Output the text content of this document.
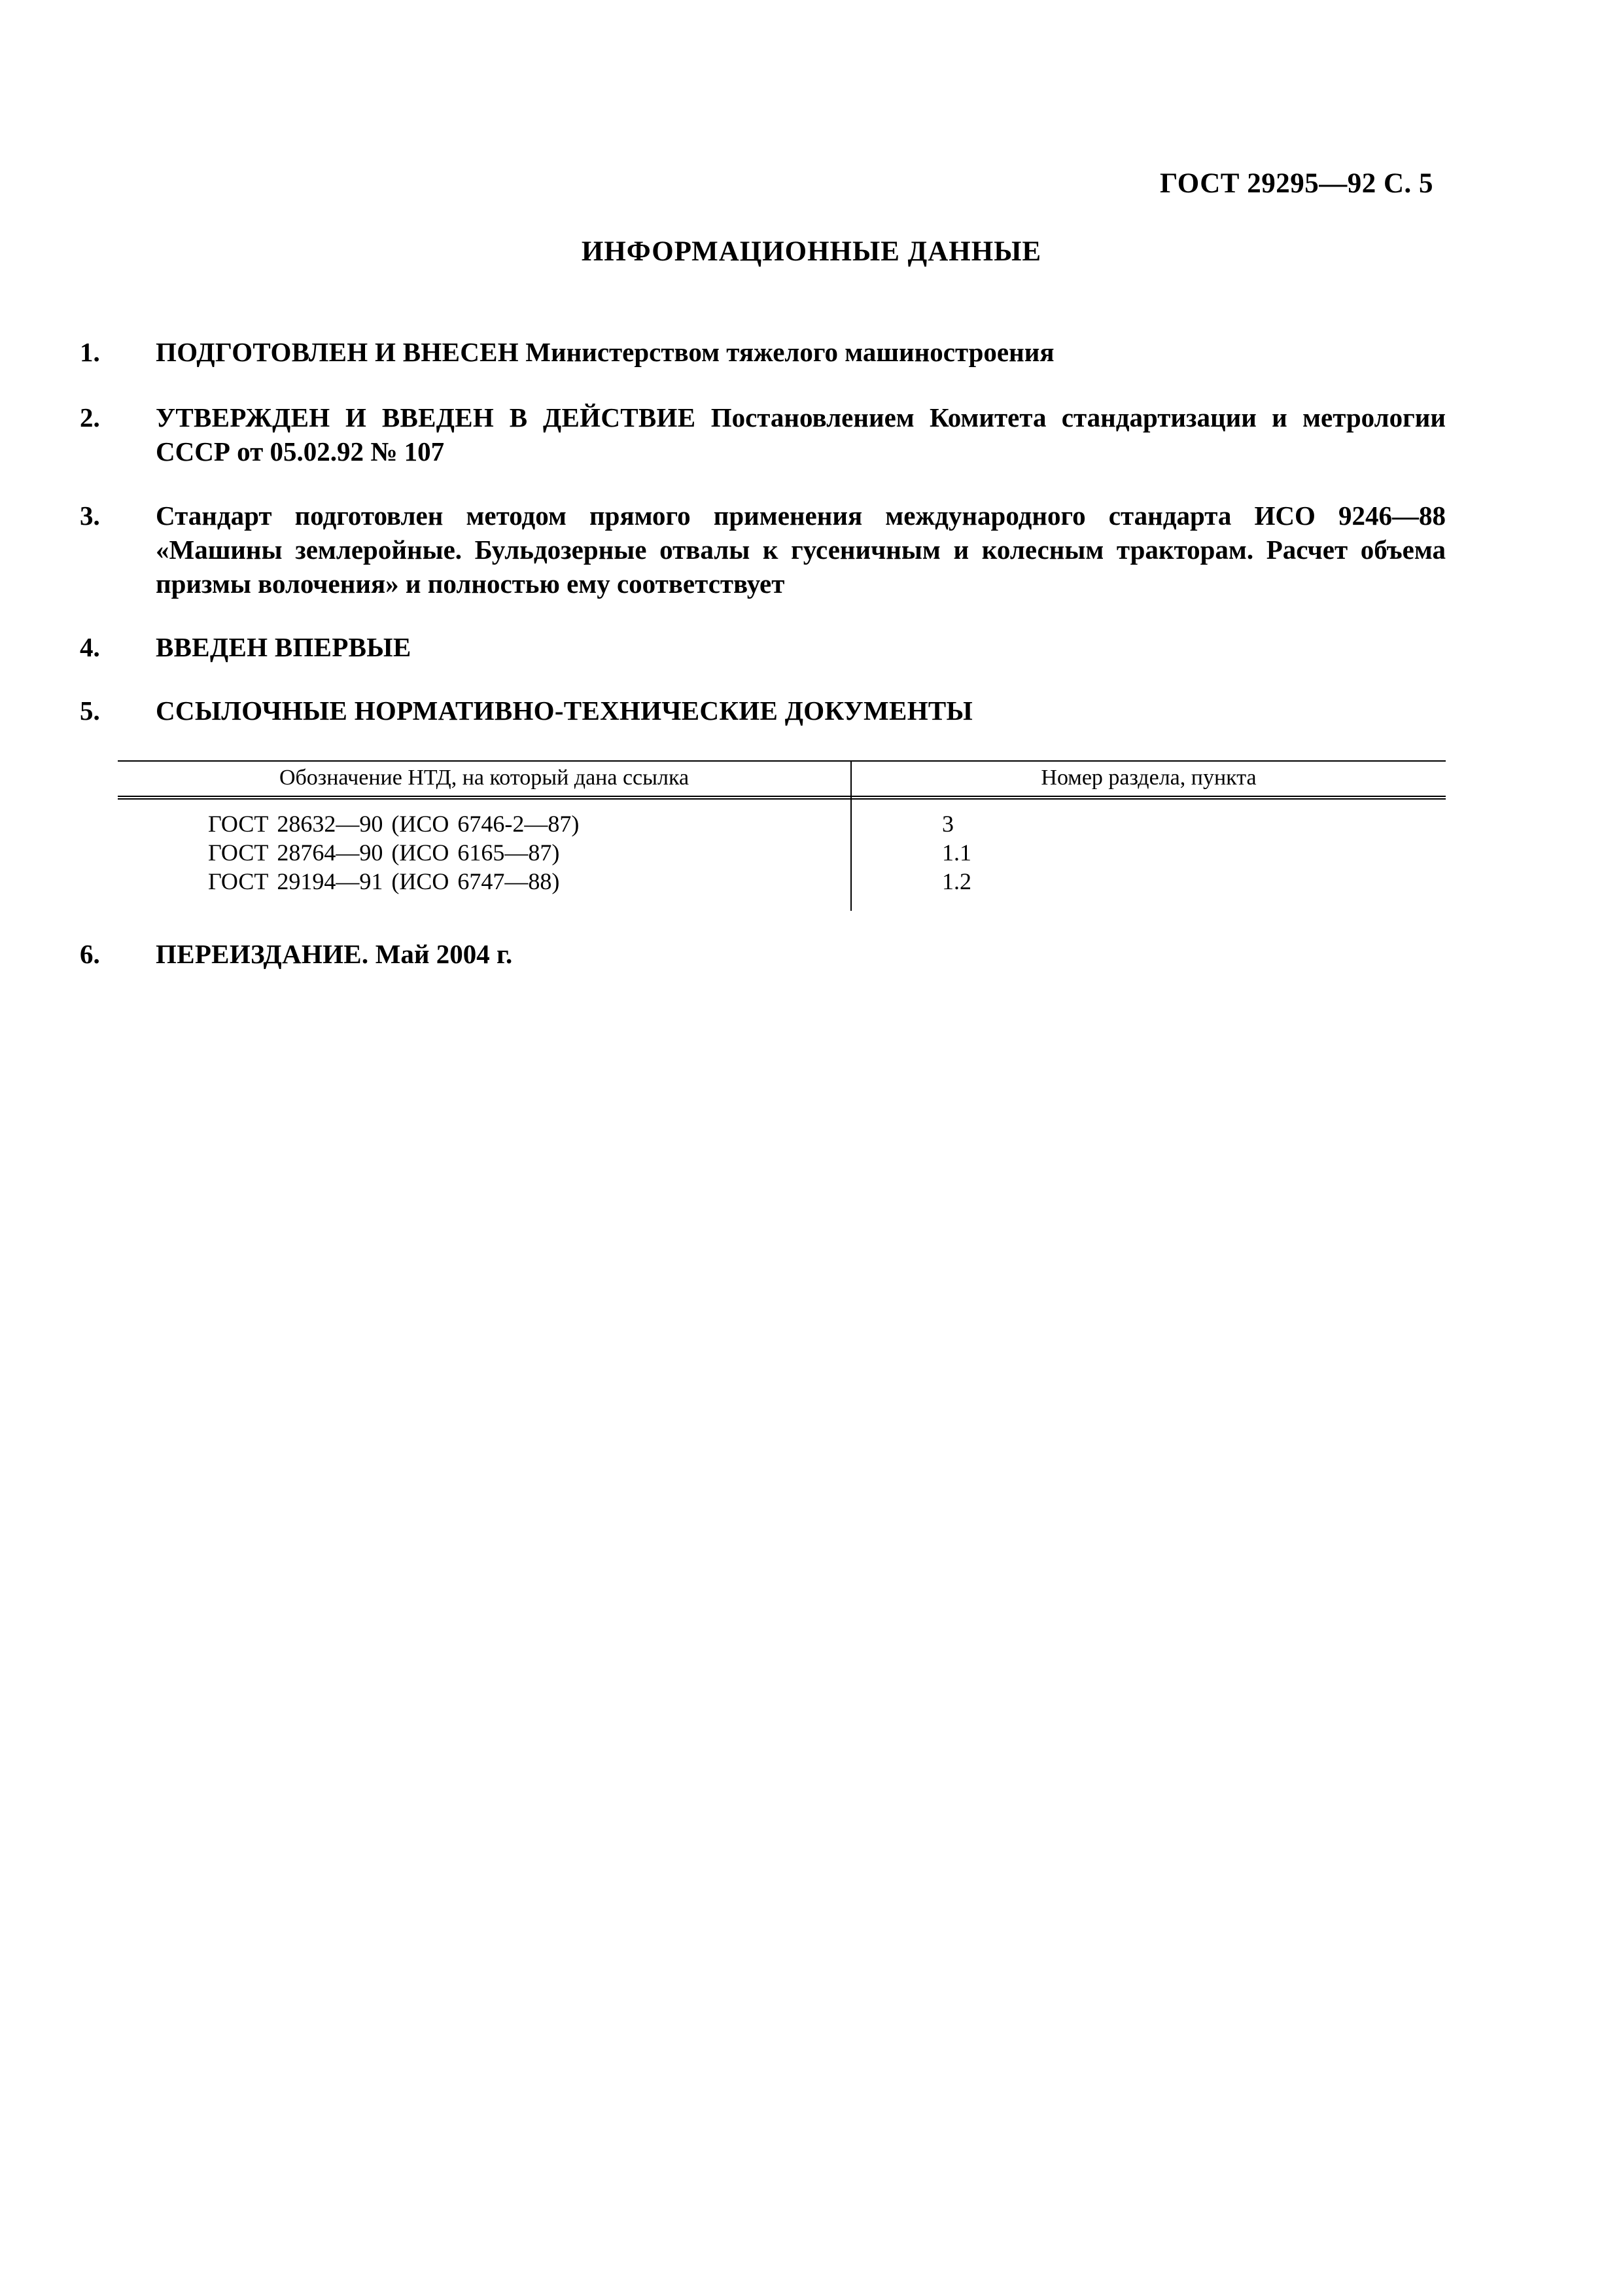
ГОСТ 29295—92 С. 5
ИНФОРМАЦИОННЫЕ ДАННЫЕ
1. ПОДГОТОВЛЕН И ВНЕСЕН Министерством тяжелого машиностроения
2. УТВЕРЖДЕН И ВВЕДЕН В ДЕЙСТВИЕ Постановлением Комитета стандартизации и метрологии СССР от 05.02.92 № 107
3. Стандарт подготовлен методом прямого применения международного стандарта ИСО 9246—88 «Машины землеройные. Бульдозерные отвалы к гусеничным и колесным тракторам. Расчет объема призмы волочения» и полностью ему соответствует
4. ВВЕДЕН ВПЕРВЫЕ
5. ССЫЛОЧНЫЕ НОРМАТИВНО-ТЕХНИЧЕСКИЕ ДОКУМЕНТЫ
Обозначение НТД, на который дана ссылка	Номер раздела, пункта
ГОСТ 28632—90 (ИСО 6746-2—87)	3
ГОСТ 28764—90 (ИСО 6165—87)	1.1
ГОСТ 29194—91 (ИСО 6747—88)	1.2
6. ПЕРЕИЗДАНИЕ. Май 2004 г.
